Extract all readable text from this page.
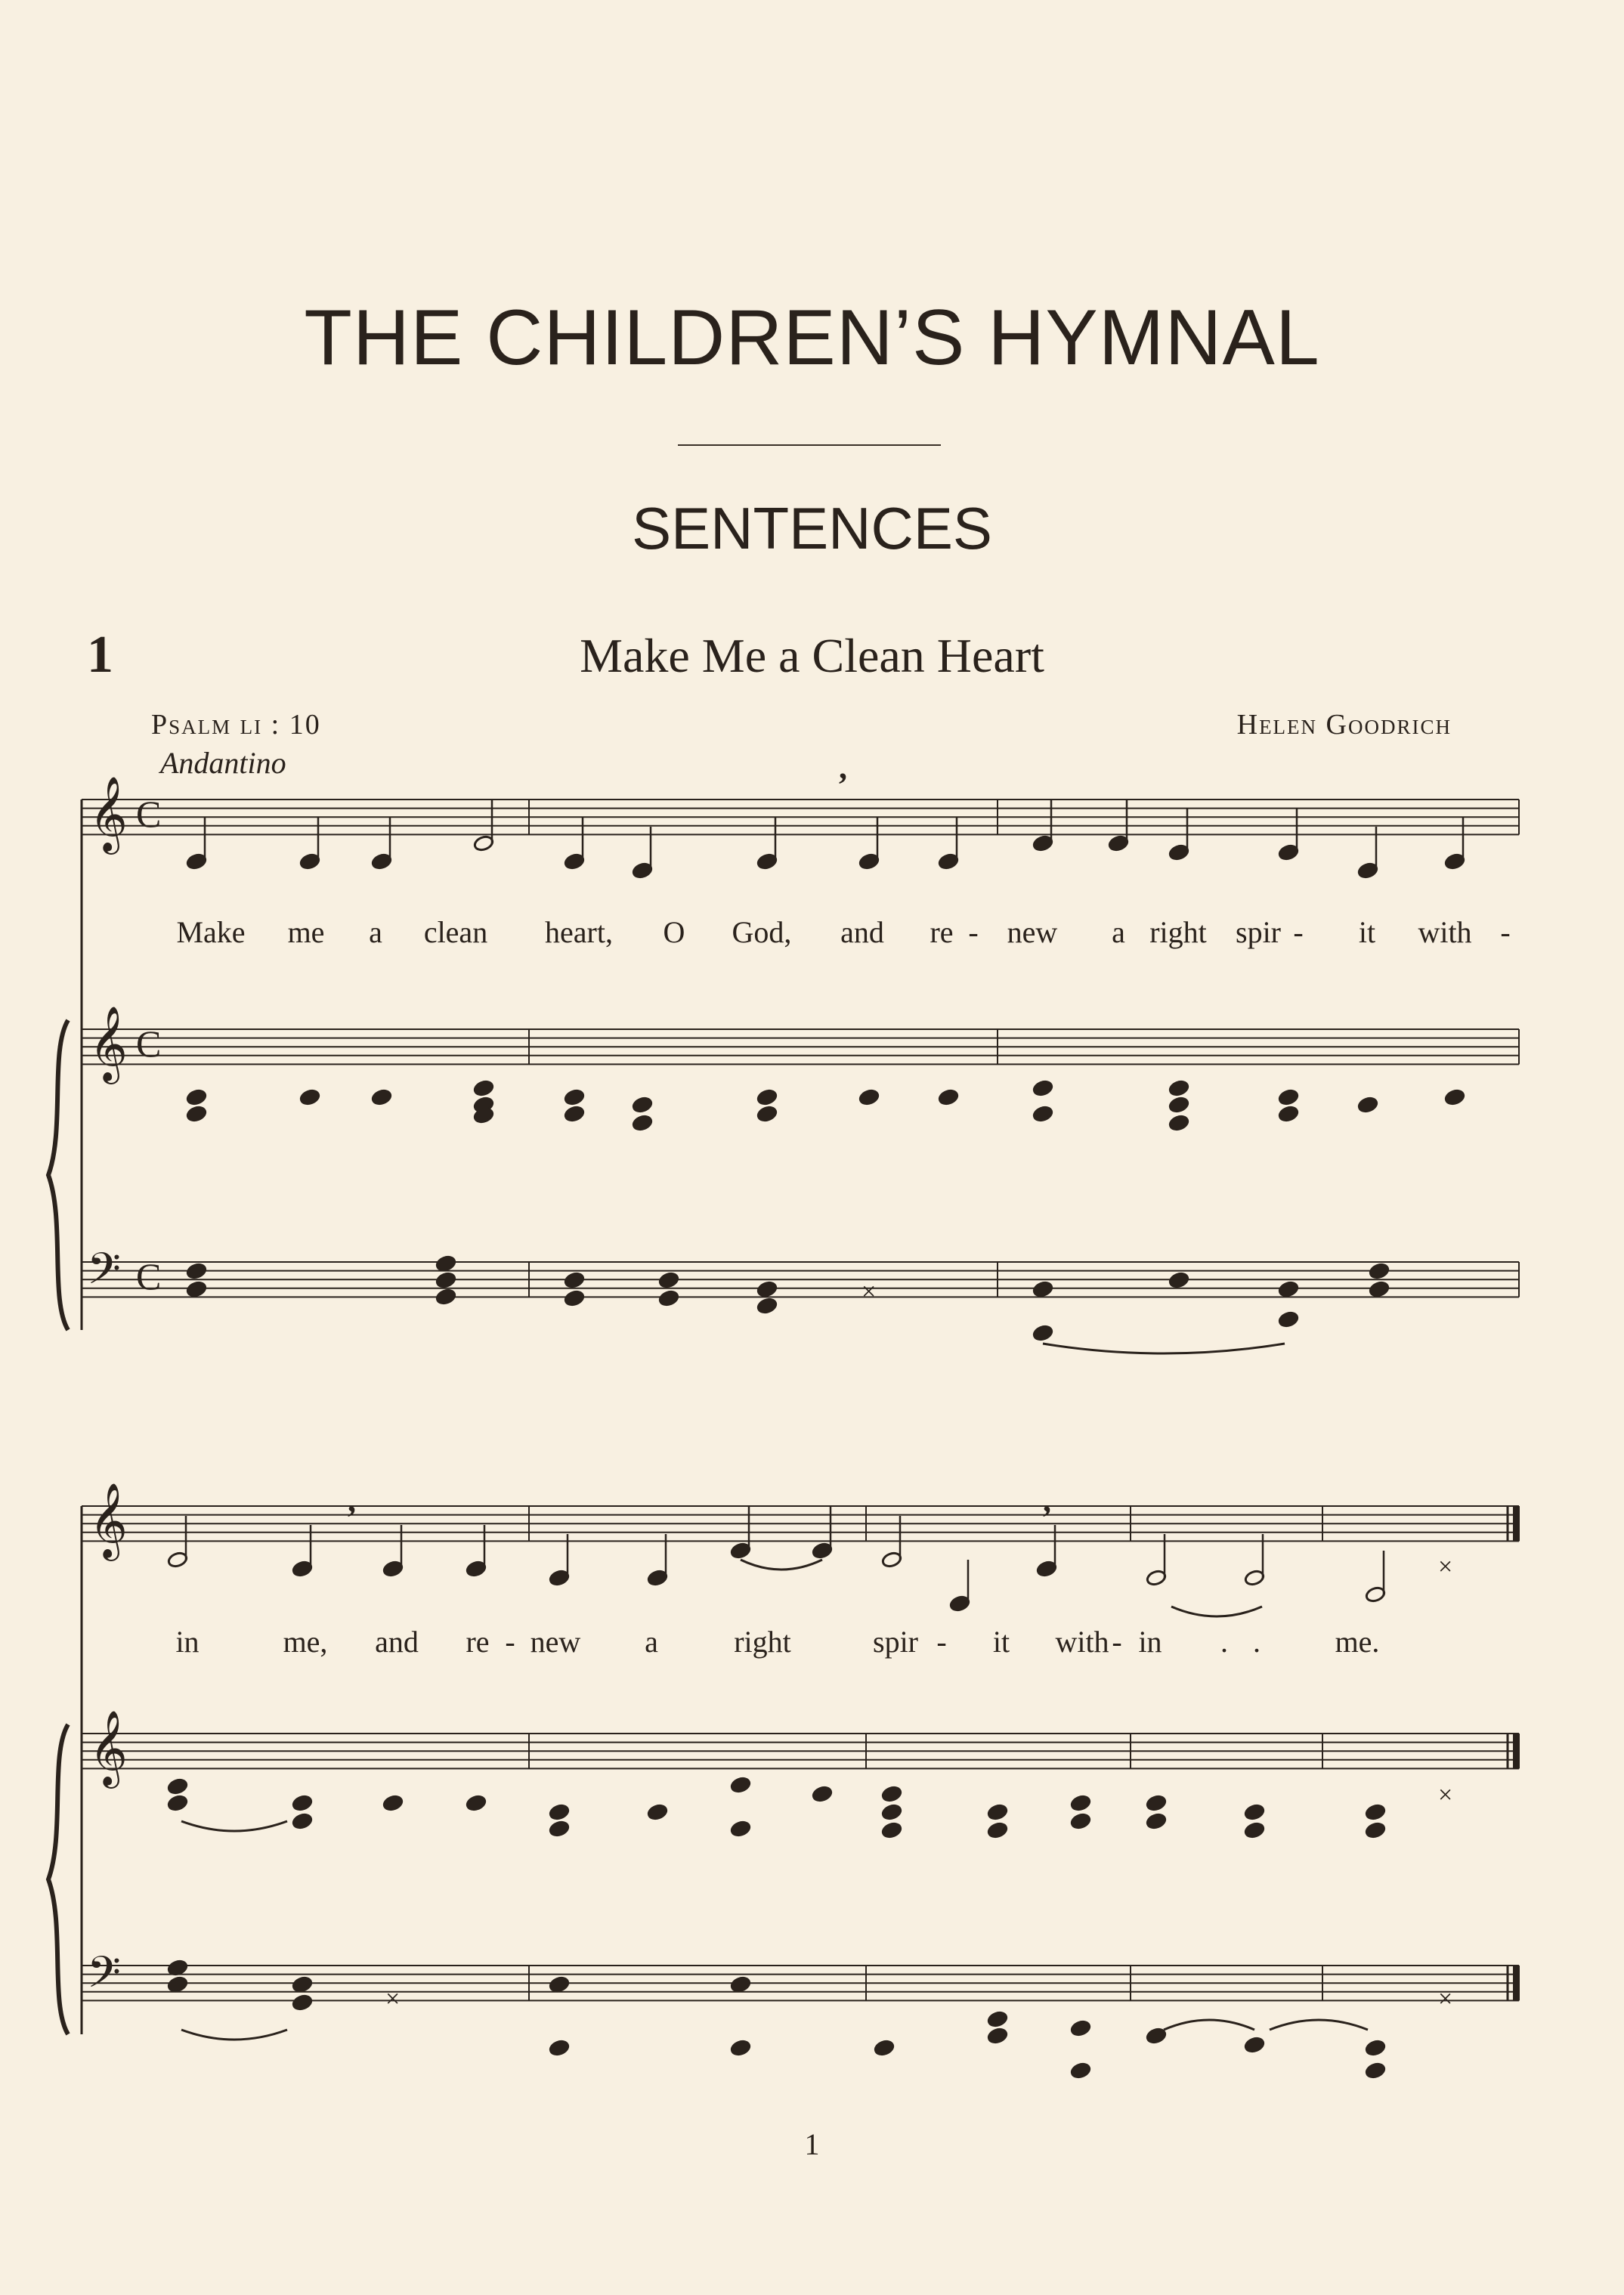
THE CHILDREN’S HYMNAL
SENTENCES
1	Make Me a Clean Heart
Psalm li : 10	Helen Goodrich
Andantino
𝄞 C
𝄞 C
𝄢 C
𝄞
𝄞
𝄢
×
×
×
×
×
,
,	,
Make me a clean heart, O God, and re - new a right spir - it with -
in	me, and re - new a	right	spir - it with - in . . me.
1
